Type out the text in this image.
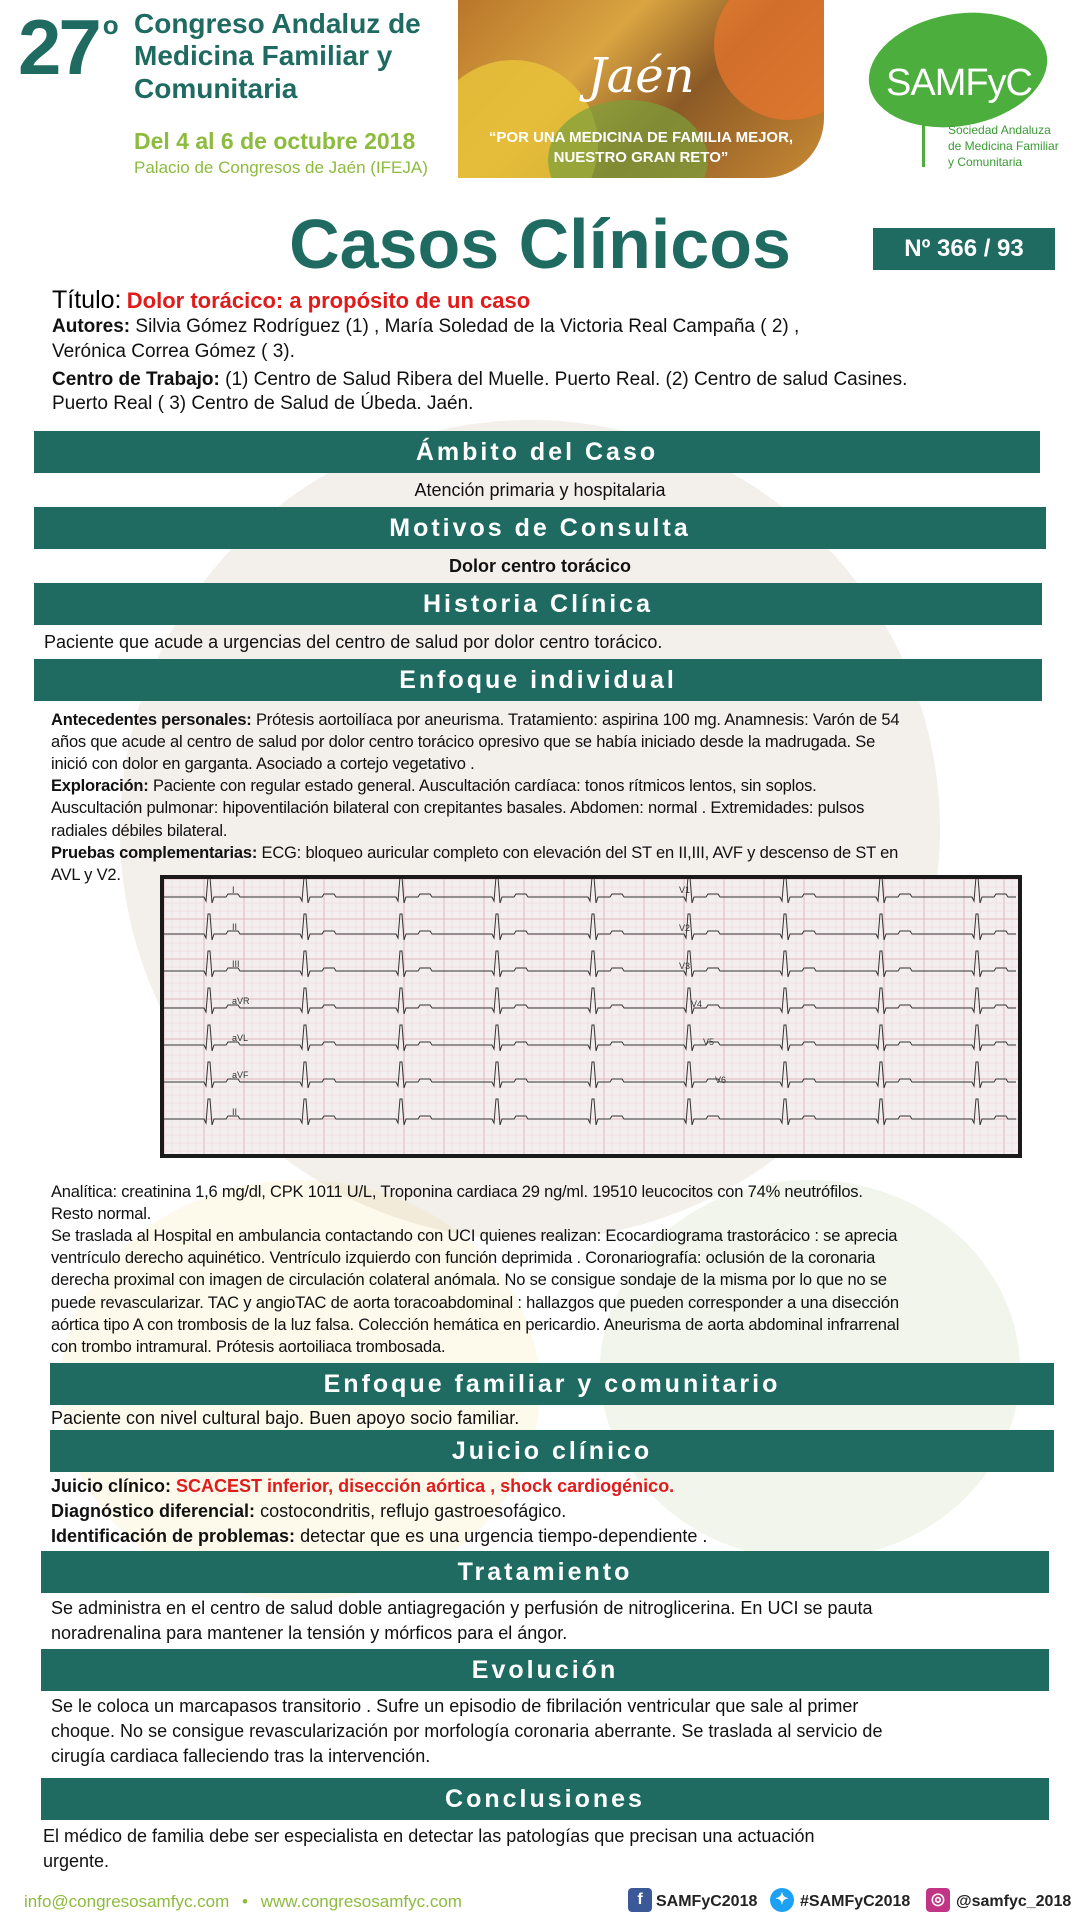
27 $^o$ Congreso Andaluz de Medicina Familiar y Comunitaria
Del 4 al 6 de octubre 2018
Palacio de Congresos de Jaén (IFEJA)
Jaén
“POR UNA MEDICINA DE FAMILIA MEJOR,
NUESTRO GRAN RETO”
SAMFyC
Sociedad Andaluza
de Medicina Familiar
y Comunitaria
Casos Clínicos	Nº 366 / 93
Título: Dolor torácico: a propósito de un caso
Autores: Silvia Gómez Rodríguez (1) , María Soledad de la Victoria Real Campaña ( 2) ,
Verónica Correa Gómez ( 3).
Centro de Trabajo: (1) Centro de Salud Ribera del Muelle. Puerto Real. (2) Centro de salud Casines.
Puerto Real ( 3) Centro de Salud de Úbeda. Jaén.
Ámbito del Caso
Atención primaria y hospitalaria
Motivos de Consulta
Dolor centro torácico
Historia Clínica
Paciente que acude a urgencias del centro de salud por dolor centro torácico.
Enfoque individual
Antecedentes personales: Prótesis aortoilíaca por aneurisma. Tratamiento: aspirina 100 mg. Anamnesis: Varón de 54
años que acude al centro de salud por dolor centro torácico opresivo que se había iniciado desde la madrugada. Se
inició con dolor en garganta. Asociado a cortejo vegetativo .
Exploración: Paciente con regular estado general. Auscultación cardíaca: tonos rítmicos lentos, sin soplos.
Auscultación pulmonar: hipoventilación bilateral con crepitantes basales. Abdomen: normal . Extremidades: pulsos
radiales débiles bilateral.
Pruebas complementarias: ECG: bloqueo auricular completo con elevación del ST en II,III, AVF y descenso de ST en
AVL y V2.
I
II
III
aVR
aVL
aVF
II
V1
V2
V3
V4
V5
V6
Analítica: creatinina 1,6 mg/dl, CPK 1011 U/L, Troponina cardiaca 29 ng/ml. 19510 leucocitos con 74% neutrófilos.
Resto normal.
Se traslada al Hospital en ambulancia contactando con UCI quienes realizan: Ecocardiograma trastorácico : se aprecia
ventrículo derecho aquinético. Ventrículo izquierdo con función deprimida . Coronariografía: oclusión de la coronaria
derecha proximal con imagen de circulación colateral anómala. No se consigue sondaje de la misma por lo que no se
puede revascularizar. TAC y angioTAC de aorta toracoabdominal : hallazgos que pueden corresponder a una disección
aórtica tipo A con trombosis de la luz falsa. Colección hemática en pericardio. Aneurisma de aorta abdominal infrarrenal
con trombo intramural. Prótesis aortoiliaca trombosada.
Enfoque familiar y comunitario
Paciente con nivel cultural bajo. Buen apoyo socio familiar.
Juicio clínico
Juicio clínico: SCACEST inferior, disección aórtica , shock cardiogénico.
Diagnóstico diferencial: costocondritis, reflujo gastroesofágico.
Identificación de problemas: detectar que es una urgencia tiempo-dependiente .
Tratamiento
Se administra en el centro de salud doble antiagregación y perfusión de nitroglicerina. En UCI se pauta
noradrenalina para mantener la tensión y mórficos para el ángor.
Evolución
Se le coloca un marcapasos transitorio . Sufre un episodio de fibrilación ventricular que sale al primer
choque. No se consigue revascularización por morfología coronaria aberrante. Se traslada al servicio de
cirugía cardiaca falleciendo tras la intervención.
Conclusiones
El médico de familia debe ser especialista en detectar las patologías que precisan una actuación
urgente.
info@congresosamfyc.com • www.congresosamfyc.com	f SAMFyC2018	✦ #SAMFyC2018	◎ @samfyc_2018
